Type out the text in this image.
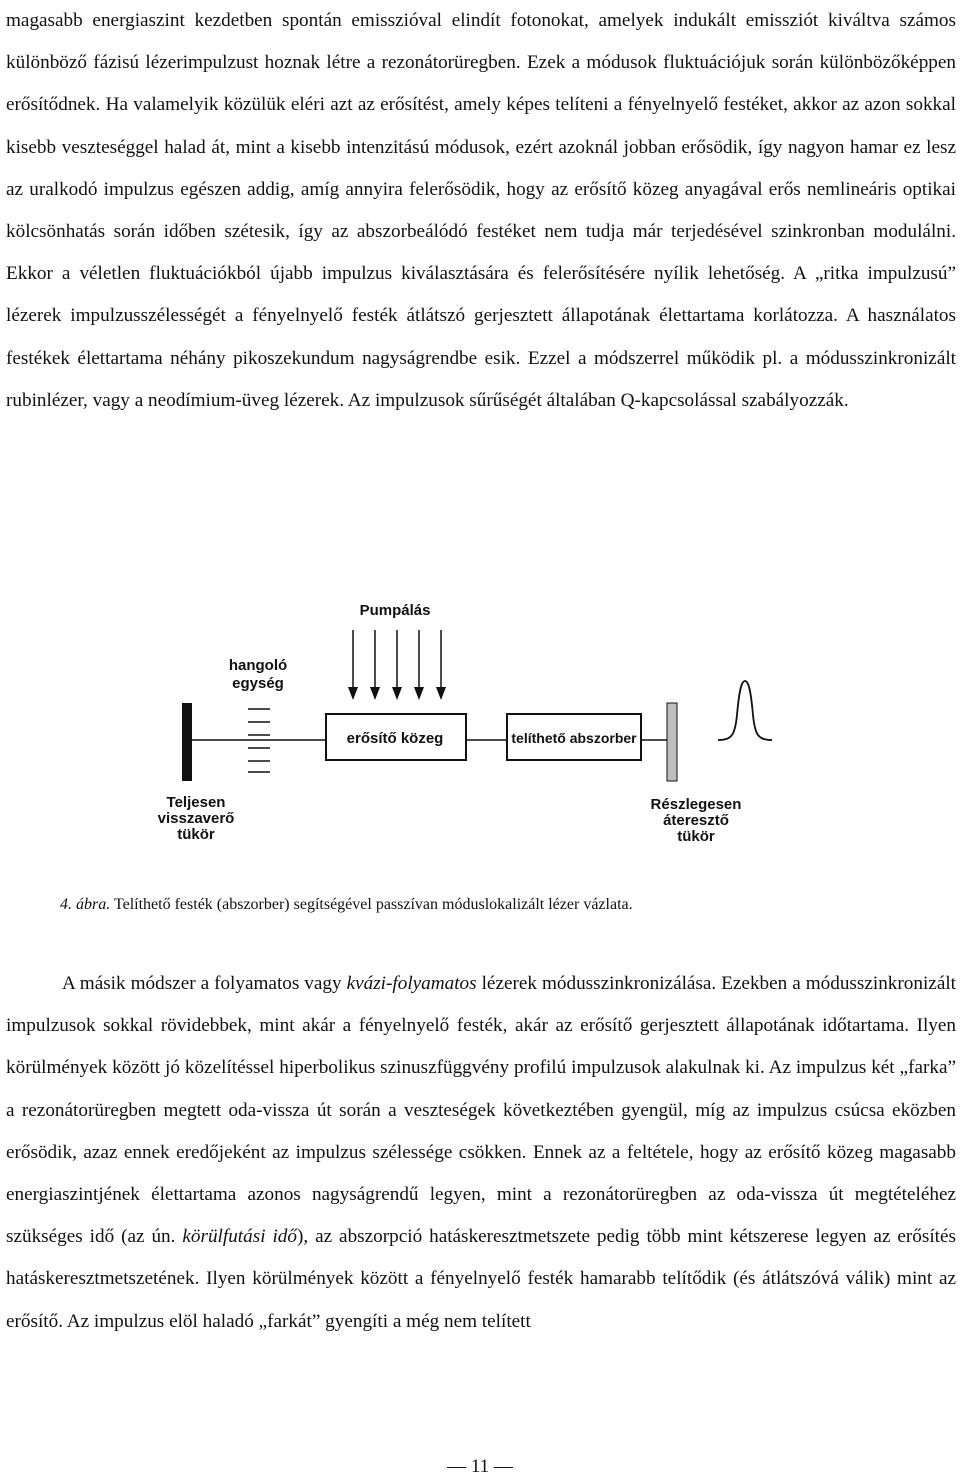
magasabb energiaszint kezdetben spontán emisszióval elindít fotonokat, amelyek indukált emissziót kiváltva számos különböző fázisú lézerimpulzust hoznak létre a rezonátorüregben. Ezek a módusok fluktuációjuk során különbözőképpen erősítődnek. Ha valamelyik közülük eléri azt az erősítést, amely képes telíteni a fényelnyelő festéket, akkor az azon sokkal kisebb veszteséggel halad át, mint a kisebb intenzitású módusok, ezért azoknál jobban erősödik, így nagyon hamar ez lesz az uralkodó impulzus egészen addig, amíg annyira felerősödik, hogy az erősítő közeg anyagával erős nemlineáris optikai kölcsönhatás során időben szétesik, így az abszorbeálódó festéket nem tudja már terjedésével szinkronban modulálni. Ekkor a véletlen fluktuációkból újabb impulzus kiválasztására és felerősítésére nyílik lehetőség. A „ritka impulzusú” lézerek impulzusszélességét a fényelnyelő festék átlátszó gerjesztett állapotának élettartama korlátozza. A használatos festékek élettartama néhány pikoszekundum nagyságrendbe esik. Ezzel a módszerrel működik pl. a módusszinkronizált rubinlézer, vagy a neodímium-üveg lézerek. Az impulzusok sűrűségét általában Q-kapcsolással szabályozzák.

Pumpálás
hangoló
egység
erősítő közeg	telíthető abszorber
Teljesen
visszaverő
tükör
Részlegesen
áteresztő
tükör

4. ábra. Telíthető festék (abszorber) segítségével passzívan móduslokalizált lézer vázlata.

A másik módszer a folyamatos vagy kvázi-folyamatos lézerek módusszinkronizálása. Ezekben a módusszinkronizált impulzusok sokkal rövidebbek, mint akár a fényelnyelő festék, akár az erősítő gerjesztett állapotának időtartama. Ilyen körülmények között jó közelítéssel hiperbolikus szinuszfüggvény profilú impulzusok alakulnak ki. Az impulzus két „farka” a rezonátorüregben megtett oda-vissza út során a veszteségek következtében gyengül, míg az impulzus csúcsa eközben erősödik, azaz ennek eredőjeként az impulzus szélessége csökken. Ennek az a feltétele, hogy az erősítő közeg magasabb energiaszintjének élettartama azonos nagyságrendű legyen, mint a rezonátorüregben az oda-vissza út megtételéhez szükséges idő (az ún. körülfutási idő), az abszorpció hatáskeresztmetszete pedig több mint kétszerese legyen az erősítés hatáskeresztmetszetének. Ilyen körülmények között a fényelnyelő festék hamarabb telítődik (és átlátszóvá válik) mint az erősítő. Az impulzus elöl haladó „farkát” gyengíti a még nem telített

— 11 —
